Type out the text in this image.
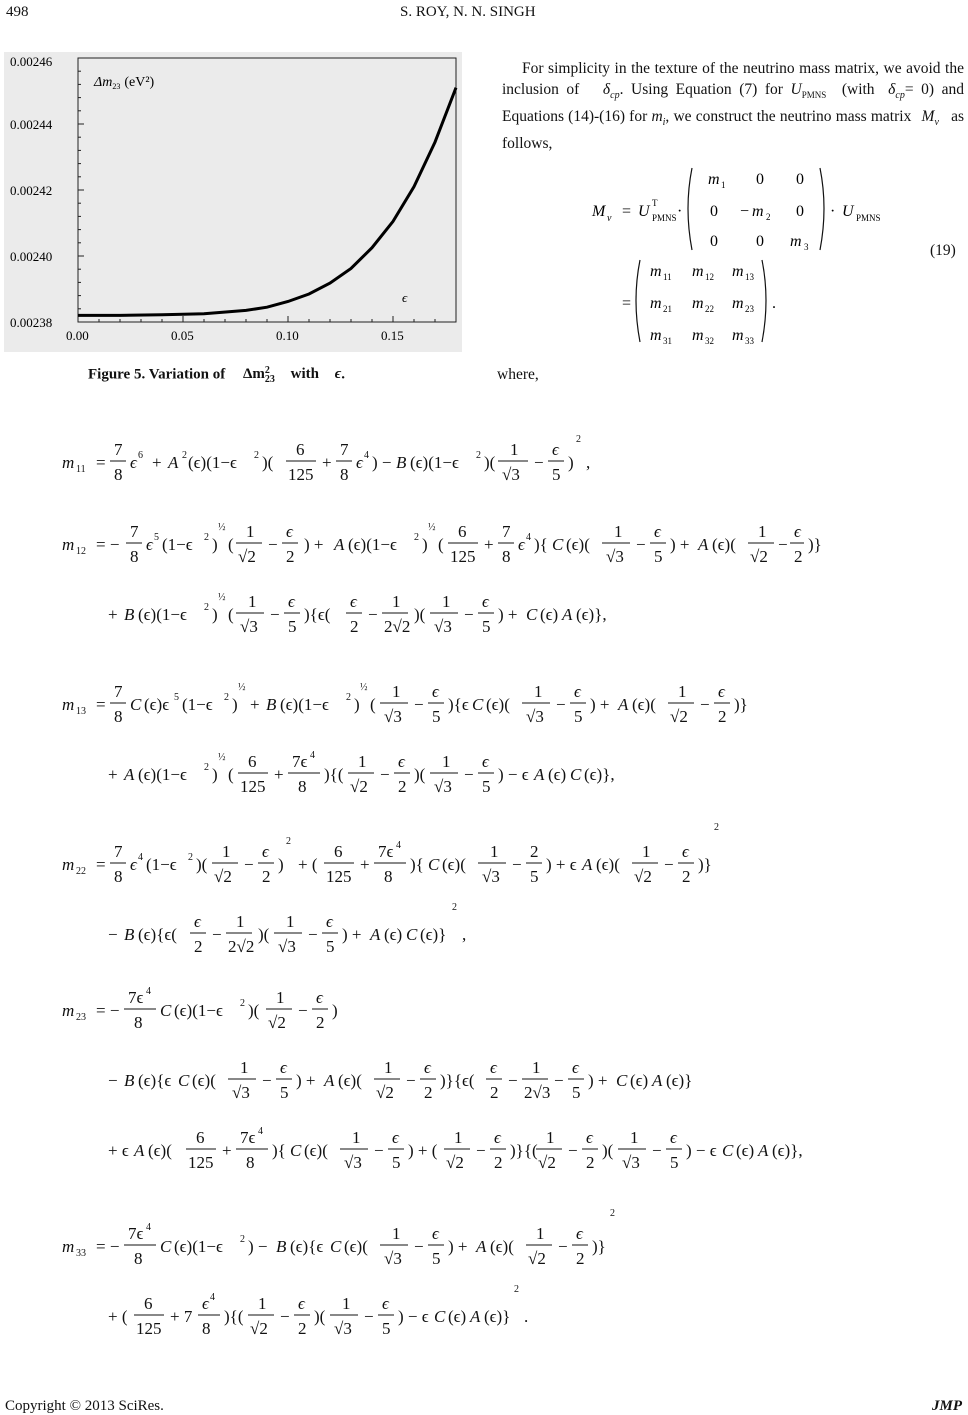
498	S. ROY, N. N. SINGH
0.00238
0.00240
0.00242
0.00244
0.00246
0.00	0.05	0.10	0.15
$\Delta m_{23}$ (eV²)
ϵ
Figure 5. Variation of Δm 2
23 with ϵ.

For simplicity in the texture of the neutrino mass matrix, we avoid the inclusion of $\delta_{cp}$. Using Equation (7) for $U_{PMNS}$ (with $\delta_{cp}= 0$) and Equations (14)-(16) for $m_i$, we construct the neutrino mass matrix $M_\nu$ as follows,

M ν = U T
PMNS ·
m 1 0 0
0 − m 2 0
0 0 m 3
· U PMNS
=
m 11 m 12 m 13
m 21 m 22 m 23
m 31 m 32 m 33
.
(19)
where,
m 11 =
7
8
ϵ 6 + A 2 (ϵ)(1−ϵ 2 )(
6
125
+
7
8
ϵ 4 ) − B (ϵ)(1−ϵ 2 )(
1
√3
−
ϵ
5
)
2
,
m 12 = −
7
8
ϵ 5 (1−ϵ 2 )
½
(
1
√2
−
ϵ
2
) + A (ϵ)(1−ϵ 2 )
½
(
6
125
+
7
8
ϵ 4 ){ C (ϵ)(
1
√3
−
ϵ
5
) + A (ϵ)(
1
√2
−
ϵ
2
)}
+ B (ϵ)(1−ϵ 2 )
½
(
1
√3
−
ϵ
5
){ϵ(
ϵ
2
−
1
2√2
)(
1
√3
−
ϵ
5
) + C (ϵ) A (ϵ)},
m 13 =
7
8
C (ϵ)ϵ 5 (1−ϵ 2 )
½
+ B (ϵ)(1−ϵ 2 )
½
(
1
√3
−
ϵ
5
){ϵ C (ϵ)(
1
√3
−
ϵ
5
) + A (ϵ)(
1
√2
−
ϵ
2
)}
+ A (ϵ)(1−ϵ 2 )
½
(
6
125
+
7ϵ 4
8
){(
1
√2
−
ϵ
2
)(
1
√3
−
ϵ
5
) − ϵ A (ϵ) C (ϵ)},
m 22 =
7
8
ϵ 4 (1−ϵ 2 )(
1
√2
−
ϵ
2
)
2
+ (
6
125
+
7ϵ 4
8
){ C (ϵ)(
1
√3
−
2
5
) + ϵ A (ϵ)(
1
√2
−
ϵ
2
)}
2
− B (ϵ){ϵ(
ϵ
2
−
1
2√2
)(
1
√3
−
ϵ
5
) + A (ϵ) C (ϵ)}
2
,
m 23 = −
7ϵ 4
8
C (ϵ)(1−ϵ 2 )(
1
√2
−
ϵ
2
)
− B (ϵ){ϵ C (ϵ)(
1
√3
−
ϵ
5
) + A (ϵ)(
1
√2
−
ϵ
2
)}{ϵ(
ϵ
2
−
1
2√3
−
ϵ
5
) + C (ϵ) A (ϵ)}
+ ϵ A (ϵ)(
6
125
+
7ϵ 4
8
){ C (ϵ)(
1
√3
−
ϵ
5
) + (
1
√2
−
ϵ
2
)}{(
1
√2
−
ϵ
2
)(
1
√3
−
ϵ
5
) − ϵ C (ϵ) A (ϵ)},
m 33 = −
7ϵ 4
8
C (ϵ)(1−ϵ 2 ) − B (ϵ){ϵ C (ϵ)(
1
√3
−
ϵ
5
) + A (ϵ)(
1
√2
−
ϵ
2
)}
2
+ (
6
125
+ 7
ϵ 4
8
){(
1
√2
−
ϵ
2
)(
1
√3
−
ϵ
5
) − ϵ C (ϵ) A (ϵ)}
2
.
Copyright © 2013 SciRes.	JMP
